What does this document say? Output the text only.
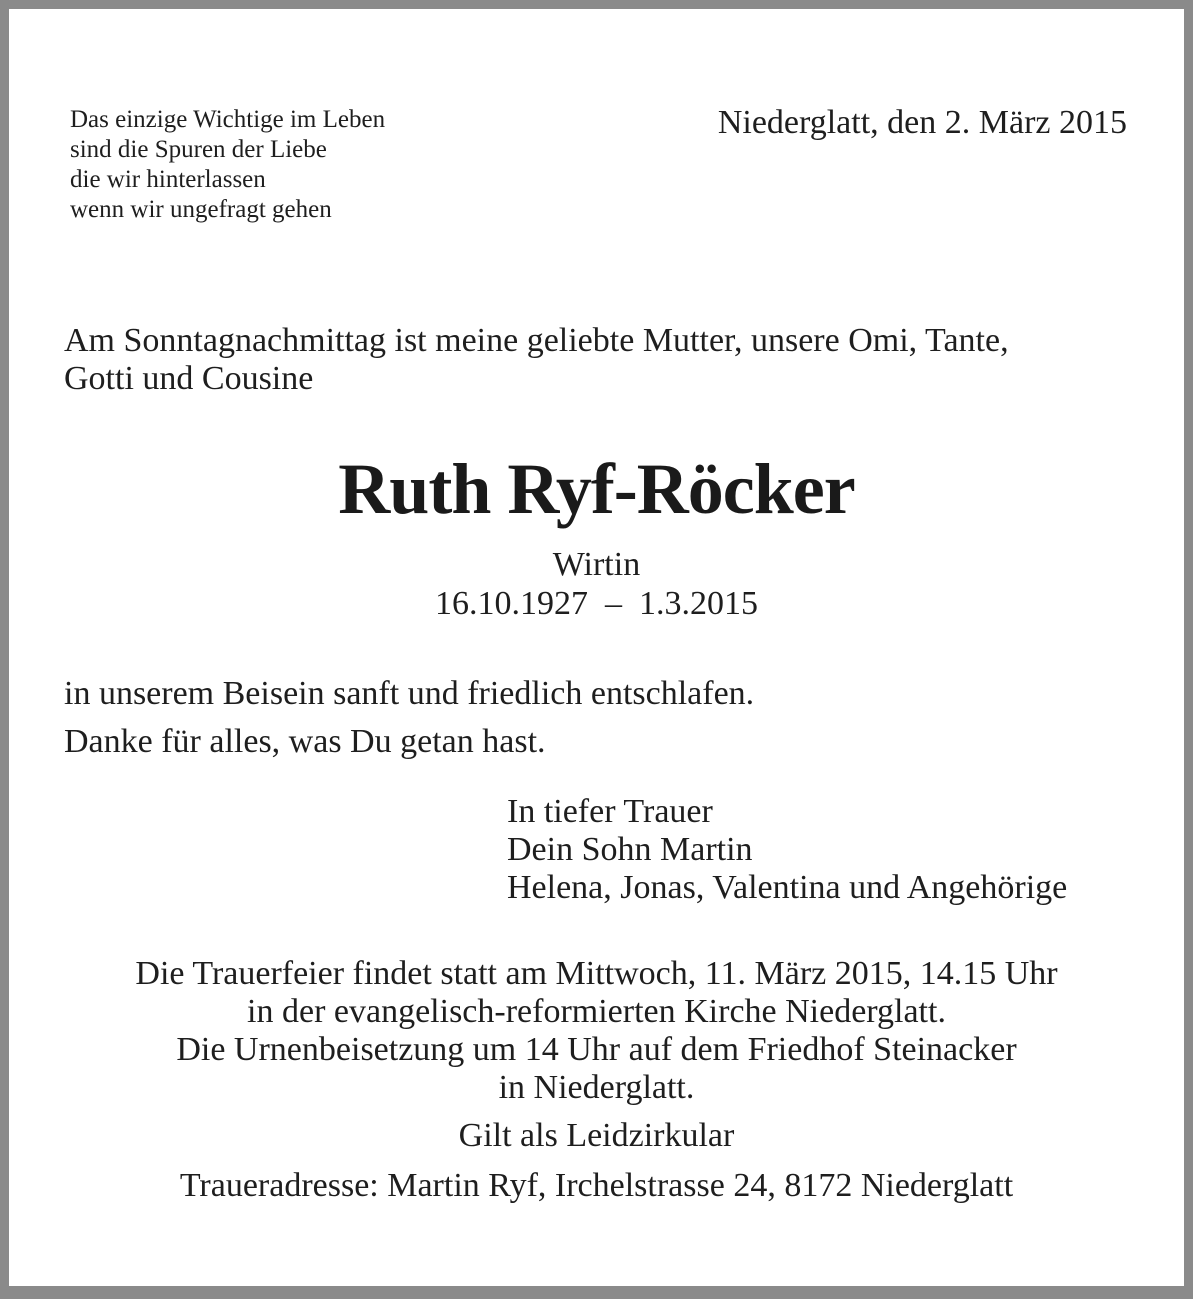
Das einzige Wichtige im Leben
sind die Spuren der Liebe
die wir hinterlassen
wenn wir ungefragt gehen
Niederglatt, den 2. März 2015
Am Sonntagnachmittag ist meine geliebte Mutter, unsere Omi, Tante,
Gotti und Cousine
Ruth Ryf-Röcker
Wirtin
16.10.1927  –  1.3.2015
in unserem Beisein sanft und friedlich entschlafen.
Danke für alles, was Du getan hast.
In tiefer Trauer
Dein Sohn Martin
Helena, Jonas, Valentina und Angehörige
Die Trauerfeier findet statt am Mittwoch, 11. März 2015, 14.15 Uhr
in der evangelisch-reformierten Kirche Niederglatt.
Die Urnenbeisetzung um 14 Uhr auf dem Friedhof Steinacker
in Niederglatt.
Gilt als Leidzirkular
Traueradresse: Martin Ryf, Irchelstrasse 24, 8172 Niederglatt
